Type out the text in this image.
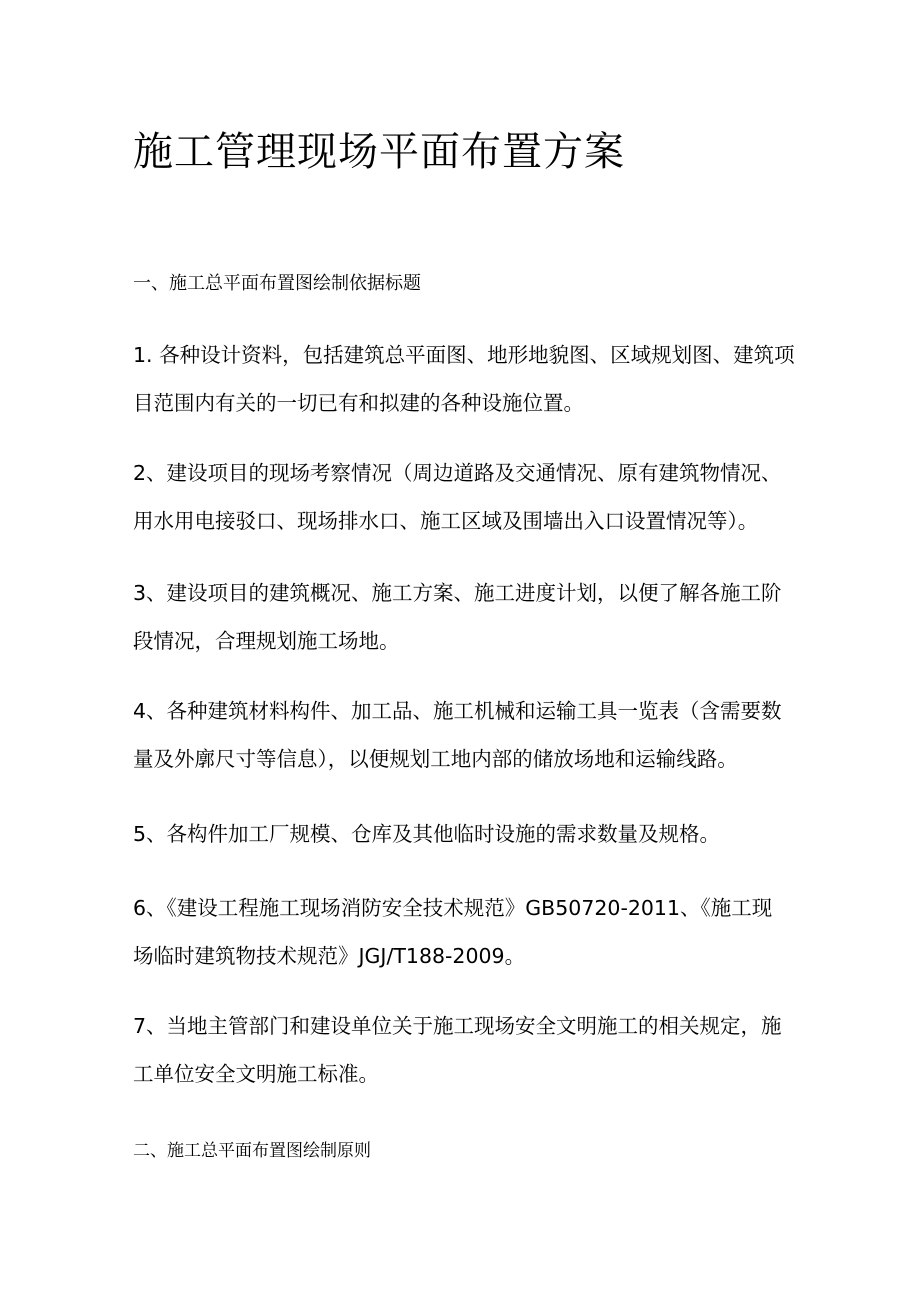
施工管理现场平面布置方案
一、施工总平面布置图绘制依据标题
1. 各种设计资料，包括建筑总平面图、地形地貌图、区域规划图、建筑项
目范围内有关的一切已有和拟建的各种设施位置。
2、建设项目的现场考察情况（周边道路及交通情况、原有建筑物情况、
用水用电接驳口、现场排水口、施工区域及围墙出入口设置情况等）。
3、建设项目的建筑概况、施工方案、施工进度计划，以便了解各施工阶
段情况，合理规划施工场地。
4、各种建筑材料构件、加工品、施工机械和运输工具一览表（含需要数
量及外廓尺寸等信息），以便规划工地内部的储放场地和运输线路。
5、各构件加工厂规模、仓库及其他临时设施的需求数量及规格。
6、《建设工程施工现场消防安全技术规范》GB50720-2011、《施工现
场临时建筑物技术规范》JGJ/T188-2009。
7、当地主管部门和建设单位关于施工现场安全文明施工的相关规定，施
工单位安全文明施工标准。
二、施工总平面布置图绘制原则
